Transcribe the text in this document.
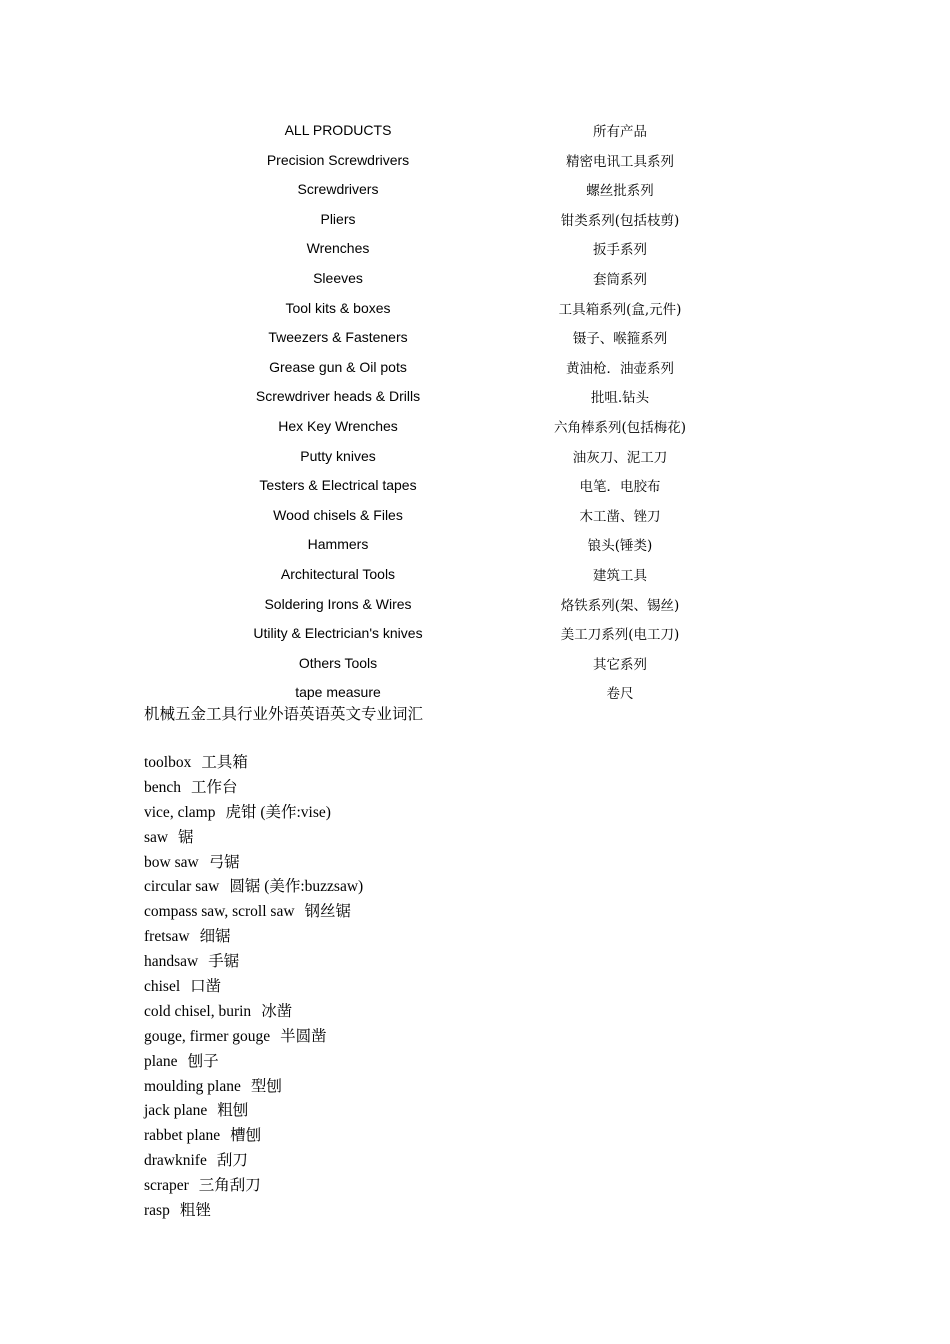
ALL PRODUCTS	所有产品
Precision Screwdrivers	精密电讯工具系列
Screwdrivers	螺丝批系列
Pliers	钳类系列(包括枝剪)
Wrenches	扳手系列
Sleeves	套筒系列
Tool kits & boxes	工具箱系列(盒,元件)
Tweezers & Fasteners	镊子、喉箍系列
Grease gun & Oil pots	黄油枪．油壶系列
Screwdriver heads & Drills	批咀.钻头
Hex Key Wrenches	六角棒系列(包括梅花)
Putty knives	油灰刀、泥工刀
Testers & Electrical tapes	电笔．电胶布
Wood chisels & Files	木工凿、锉刀
Hammers	锒头(锤类)
Architectural Tools	建筑工具
Soldering Irons & Wires	烙铁系列(架、锡丝)
Utility & Electrician's knives	美工刀系列(电工刀)
Others Tools	其它系列
tape measure	卷尺
机械五金工具行业外语英语英文专业词汇
toolbox 工具箱
bench 工作台
vice, clamp 虎钳 (美作:vise)
saw 锯
bow saw 弓锯
circular saw 圆锯 (美作:buzzsaw)
compass saw, scroll saw 钢丝锯
fretsaw 细锯
handsaw 手锯
chisel 口凿
cold chisel, burin 冰凿
gouge, firmer gouge 半圆凿
plane 刨子
moulding plane 型刨
jack plane 粗刨
rabbet plane 槽刨
drawknife 刮刀
scraper 三角刮刀
rasp 粗锉
